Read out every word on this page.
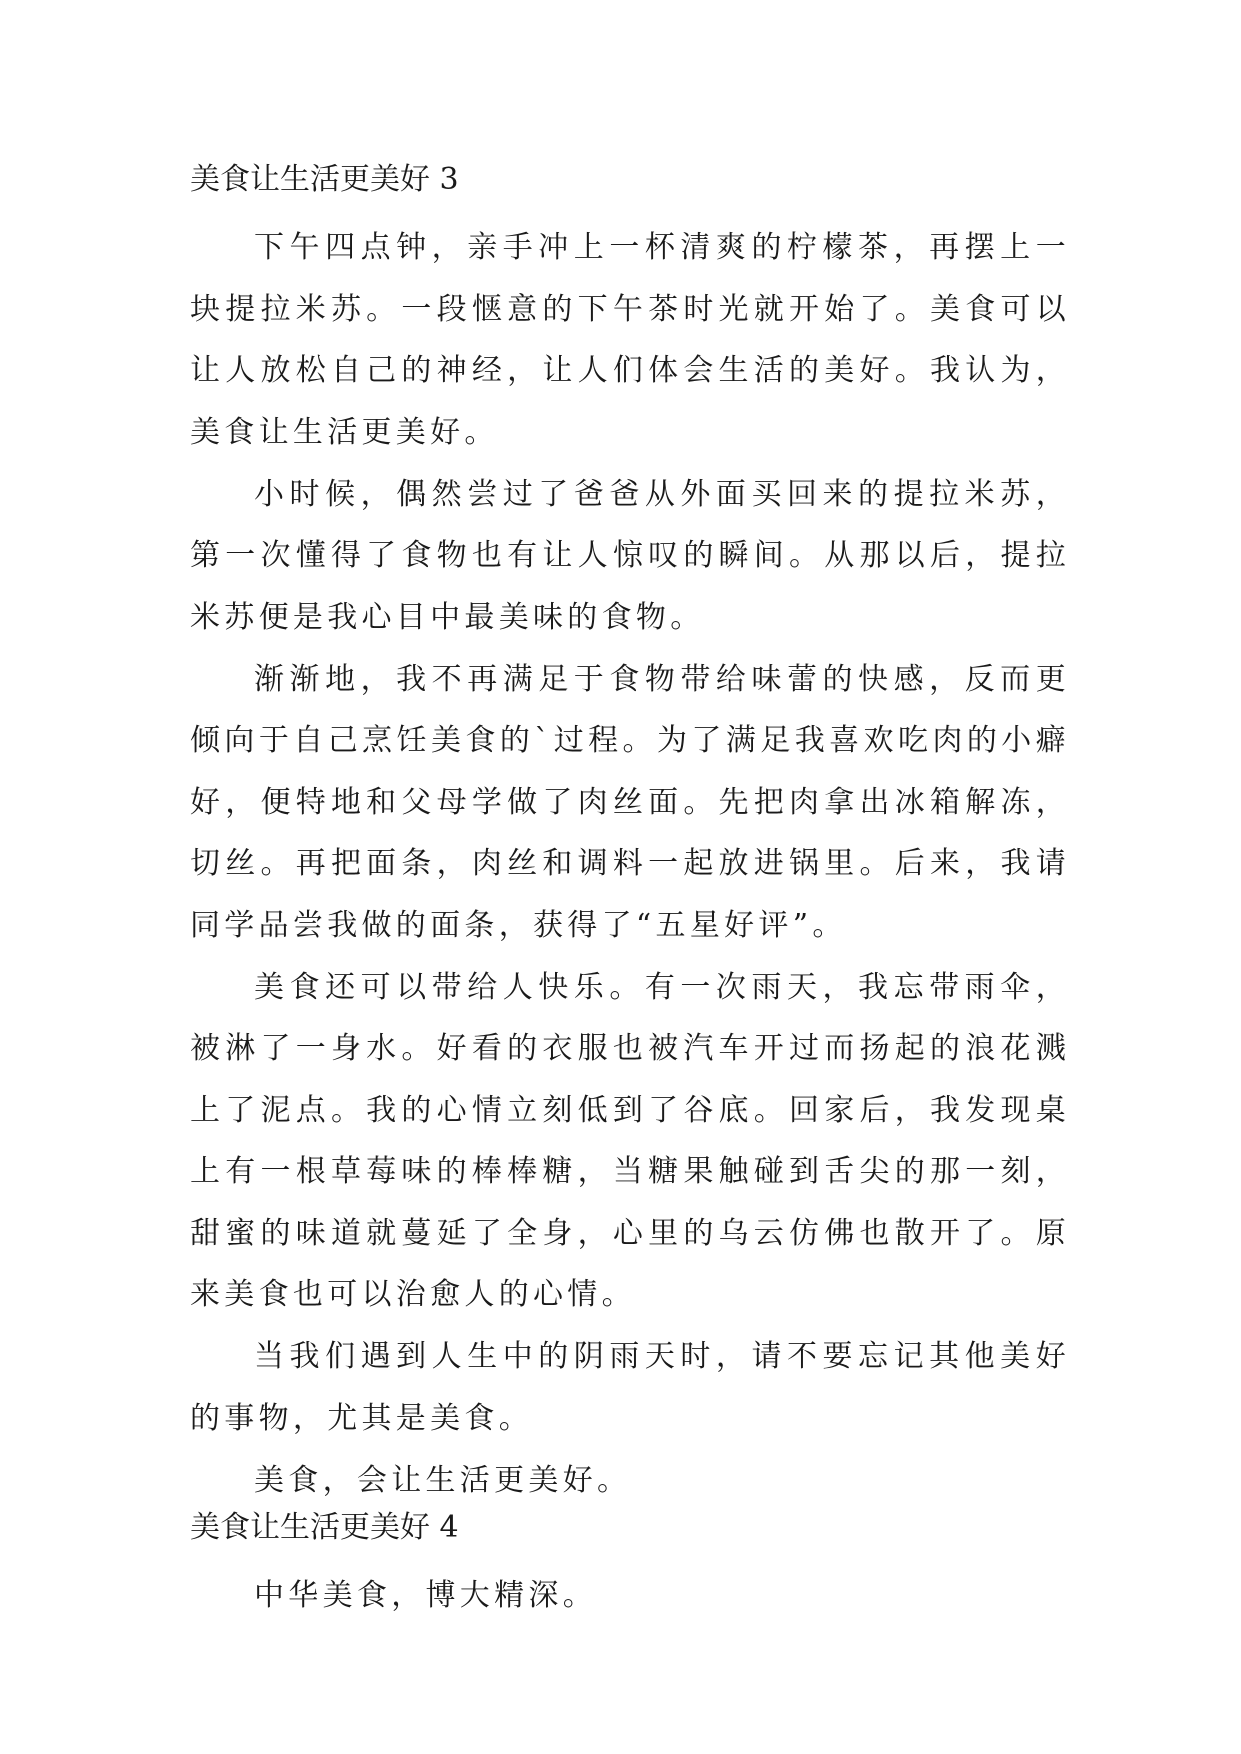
美食让生活更美好 3

下午四点钟，亲手冲上一杯清爽的柠檬茶，再摆上一块提拉米苏。一段惬意的下午茶时光就开始了。美食可以让人放松自己的神经，让人们体会生活的美好。我认为，美食让生活更美好。

小时候，偶然尝过了爸爸从外面买回来的提拉米苏，第一次懂得了食物也有让人惊叹的瞬间。从那以后，提拉米苏便是我心目中最美味的食物。

渐渐地，我不再满足于食物带给味蕾的快感，反而更倾向于自己烹饪美食的`过程。为了满足我喜欢吃肉的小癖好，便特地和父母学做了肉丝面。先把肉拿出冰箱解冻，切丝。再把面条，肉丝和调料一起放进锅里。后来，我请同学品尝我做的面条，获得了“五星好评”。

美食还可以带给人快乐。有一次雨天，我忘带雨伞，被淋了一身水。好看的衣服也被汽车开过而扬起的浪花溅上了泥点。我的心情立刻低到了谷底。回家后，我发现桌上有一根草莓味的棒棒糖，当糖果触碰到舌尖的那一刻，甜蜜的味道就蔓延了全身，心里的乌云仿佛也散开了。原来美食也可以治愈人的心情。

当我们遇到人生中的阴雨天时，请不要忘记其他美好的事物，尤其是美食。

美食，会让生活更美好。

美食让生活更美好 4

中华美食，博大精深。
